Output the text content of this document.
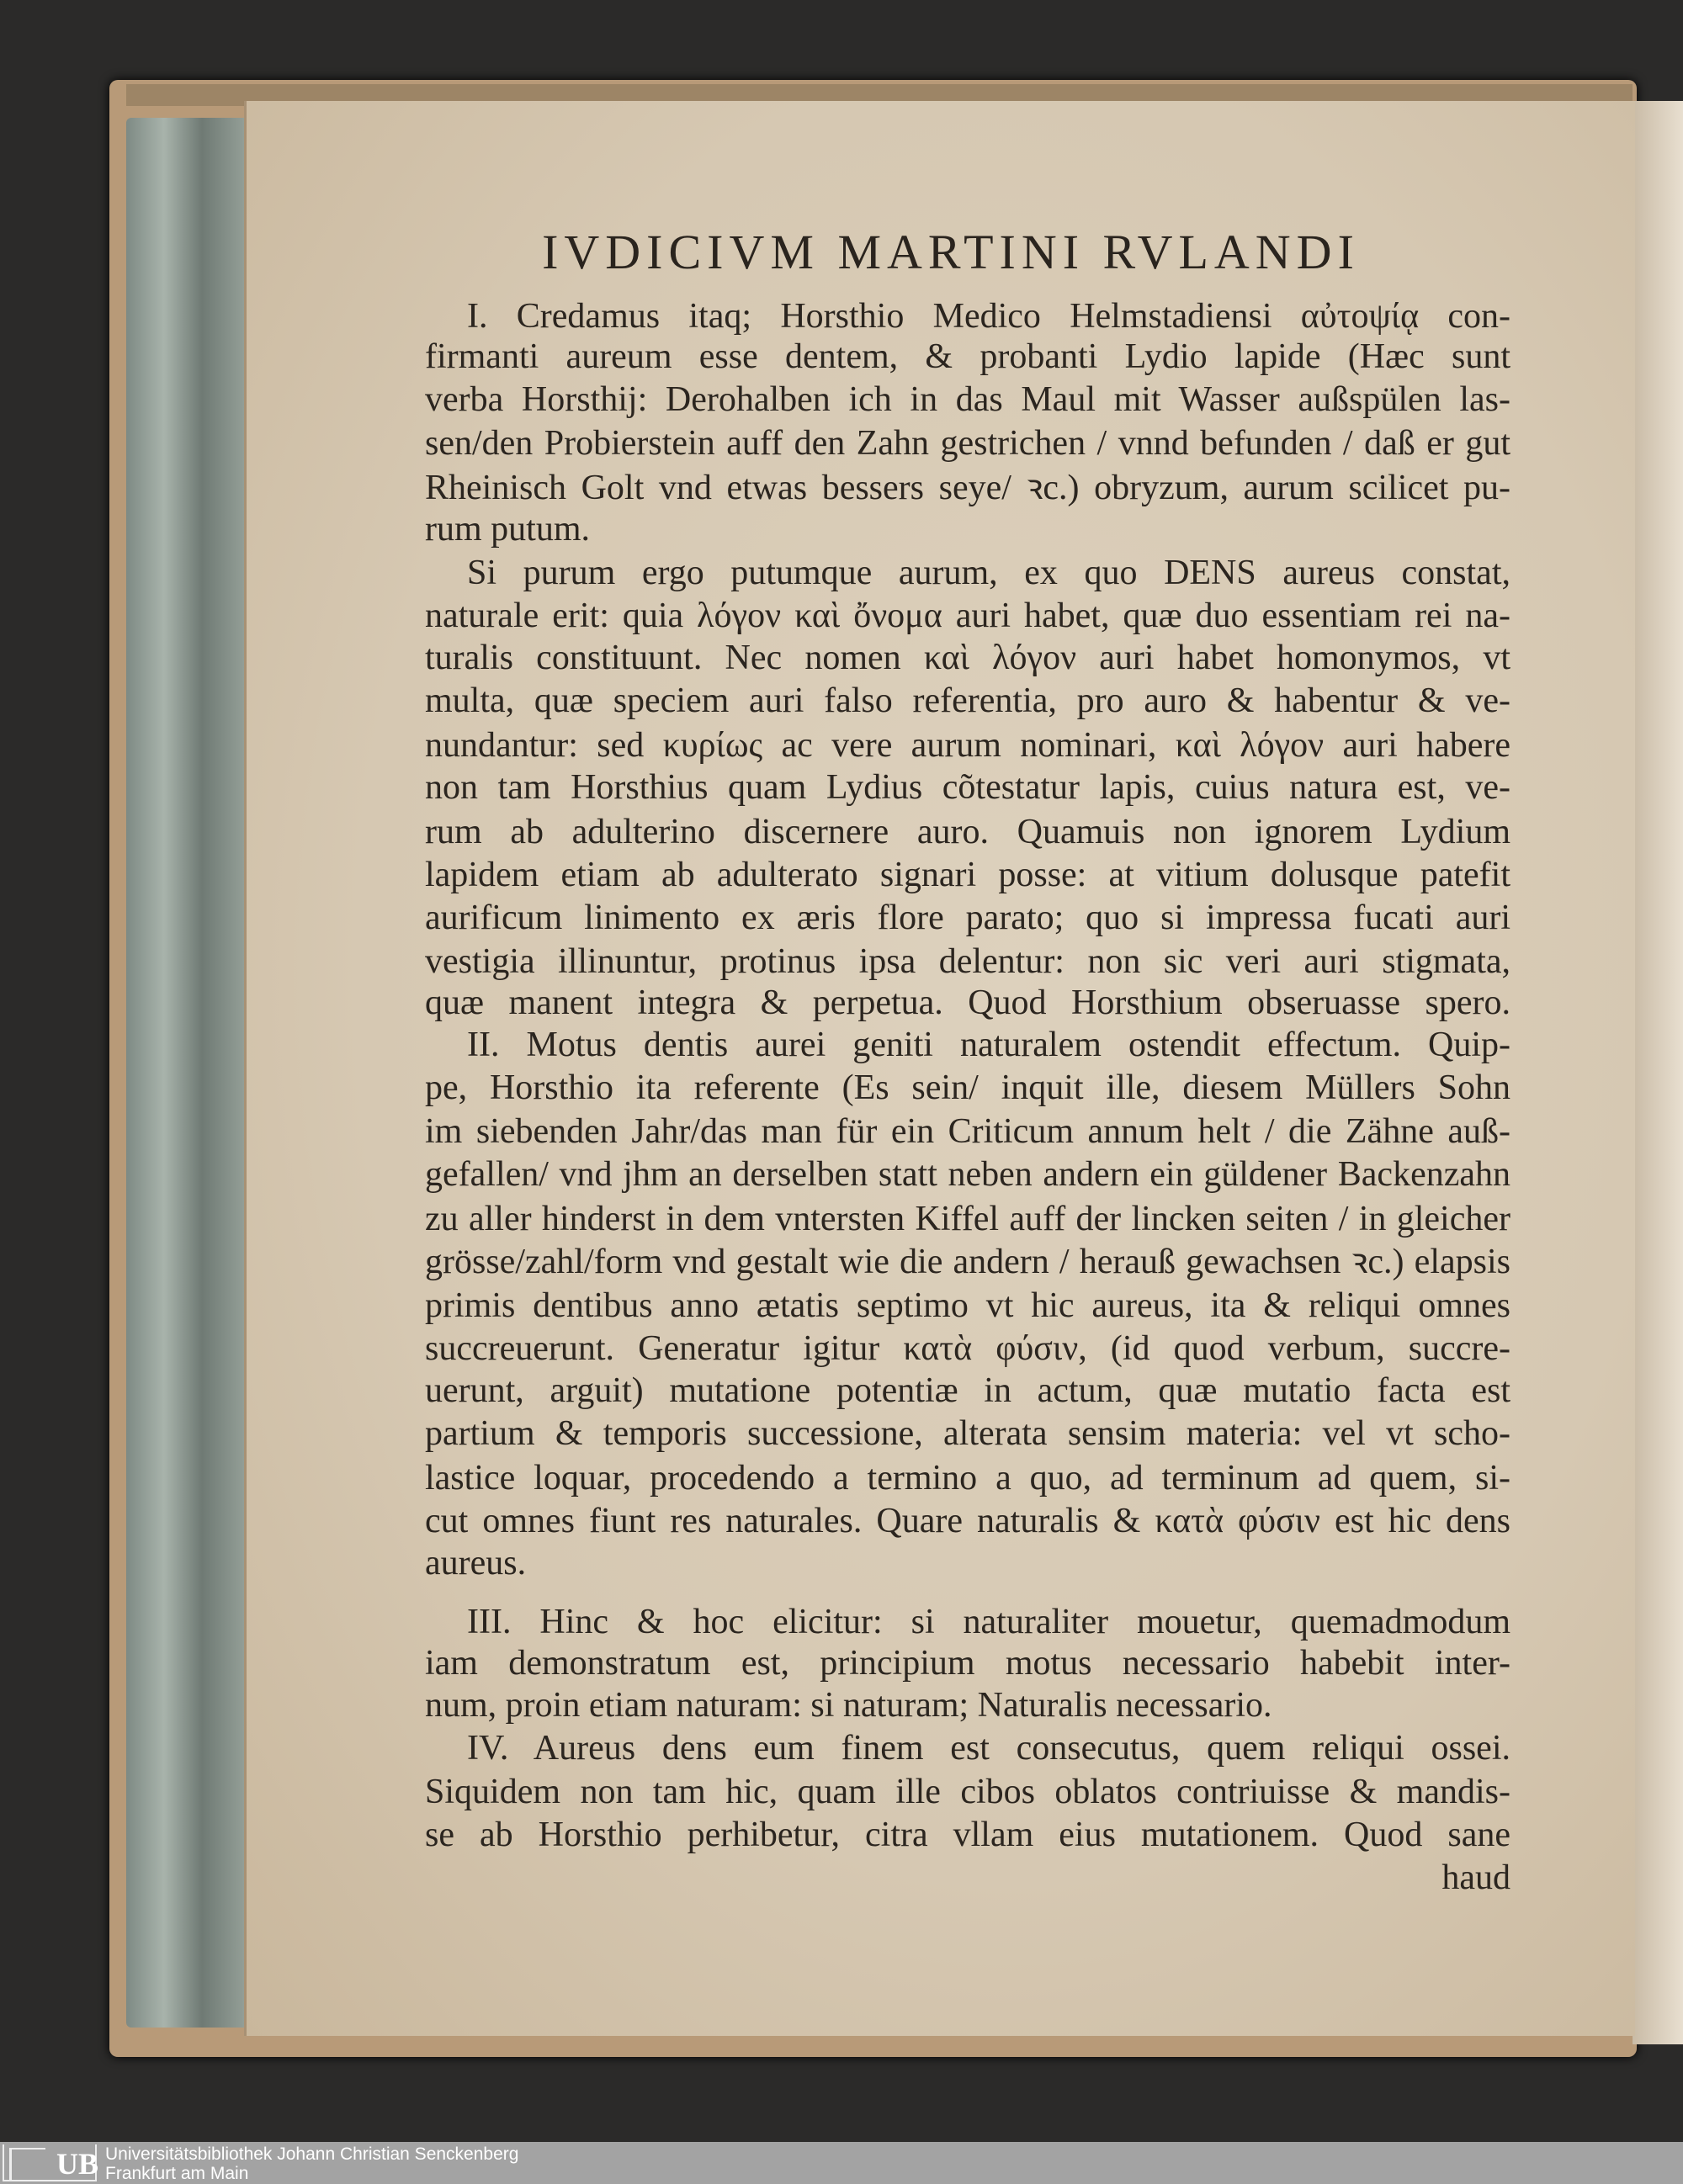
IVDICIVM MARTINI RVLANDI
I. Credamus itaq; Horsthio Medico Helmstadiensi αὐτοψίᾳ con-
firmanti aureum esse dentem, & probanti Lydio lapide (Hæc sunt
verba Horsthij: Derohalben ich in das Maul mit Wasser außspülen las-
sen/den Probierstein auff den Zahn gestrichen / vnnd befunden / daß er gut
Rheinisch Golt vnd etwas bessers seye/ ꝛc.) obryzum, aurum scilicet pu-
rum putum.
Si purum ergo putumque aurum, ex quo DENS aureus constat,
naturale erit: quia λόγον καὶ ὄνομα auri habet, quæ duo essentiam rei na-
turalis constituunt. Nec nomen καὶ λόγον auri habet homonymos, vt
multa, quæ speciem auri falso referentia, pro auro & habentur & ve-
nundantur: sed κυρίως ac vere aurum nominari, καὶ λόγον auri habere
non tam Horsthius quam Lydius cõtestatur lapis, cuius natura est, ve-
rum ab adulterino discernere auro. Quamuis non ignorem Lydium
lapidem etiam ab adulterato signari posse: at vitium dolusque patefit
aurificum linimento ex æris flore parato; quo si impressa fucati auri
vestigia illinuntur, protinus ipsa delentur: non sic veri auri stigmata,
quæ manent integra & perpetua. Quod Horsthium obseruasse spero.
II. Motus dentis aurei geniti naturalem ostendit effectum. Quip-
pe, Horsthio ita referente (Es sein/ inquit ille, diesem Müllers Sohn
im siebenden Jahr/das man für ein Criticum annum helt / die Zähne auß-
gefallen/ vnd jhm an derselben statt neben andern ein güldener Backenzahn
zu aller hinderst in dem vntersten Kiffel auff der lincken seiten / in gleicher
grösse/zahl/form vnd gestalt wie die andern / herauß gewachsen ꝛc.) elapsis
primis dentibus anno ætatis septimo vt hic aureus, ita & reliqui omnes
succreuerunt. Generatur igitur κατὰ φύσιν, (id quod verbum, succre-
uerunt, arguit) mutatione potentiæ in actum, quæ mutatio facta est
partium & temporis successione, alterata sensim materia: vel vt scho-
lastice loquar, procedendo a termino a quo, ad terminum ad quem, si-
cut omnes fiunt res naturales. Quare naturalis & κατὰ φύσιν est hic dens
aureus.
III. Hinc & hoc elicitur: si naturaliter mouetur, quemadmodum
iam demonstratum est, principium motus necessario habebit inter-
num, proin etiam naturam: si naturam; Naturalis necessario.
IV. Aureus dens eum finem est consecutus, quem reliqui ossei.
Siquidem non tam hic, quam ille cibos oblatos contriuisse & mandis-
se ab Horsthio perhibetur, citra vllam eius mutationem. Quod sane
haud
UB Universitätsbibliothek Johann Christian Senckenberg
Frankfurt am Main
